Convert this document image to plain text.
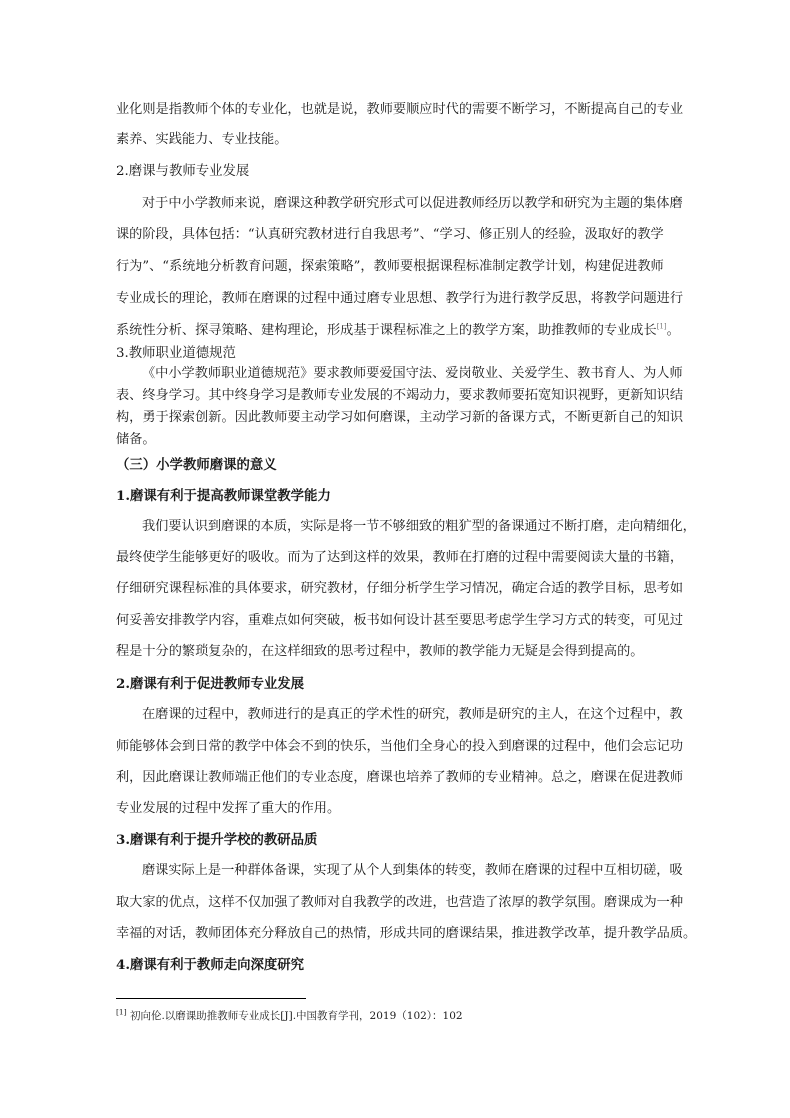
业化则是指教师个体的专业化，也就是说，教师要顺应时代的需要不断学习，不断提高自己的专业
素养、实践能力、专业技能。
2.磨课与教师专业发展
对于中小学教师来说，磨课这种教学研究形式可以促进教师经历以教学和研究为主题的集体磨
课的阶段，具体包括：“认真研究教材进行自我思考”、“学习、修正别人的经验，汲取好的教学
行为”、“系统地分析教育问题，探索策略”，教师要根据课程标准制定教学计划，构建促进教师
专业成长的理论，教师在磨课的过程中通过磨专业思想、教学行为进行教学反思，将教学问题进行
系统性分析、探寻策略、建构理论，形成基于课程标准之上的教学方案，助推教师的专业成长[1]。
3.教师职业道德规范
《中小学教师职业道德规范》要求教师要爱国守法、爱岗敬业、关爱学生、教书育人、为人师
表、终身学习。其中终身学习是教师专业发展的不竭动力，要求教师要拓宽知识视野，更新知识结
构，勇于探索创新。因此教师要主动学习如何磨课，主动学习新的备课方式，不断更新自己的知识
储备。
（三）小学教师磨课的意义
1.磨课有利于提高教师课堂教学能力
我们要认识到磨课的本质，实际是将一节不够细致的粗犷型的备课通过不断打磨，走向精细化，
最终使学生能够更好的吸收。而为了达到这样的效果，教师在打磨的过程中需要阅读大量的书籍，
仔细研究课程标准的具体要求，研究教材，仔细分析学生学习情况，确定合适的教学目标，思考如
何妥善安排教学内容，重难点如何突破，板书如何设计甚至要思考虑学生学习方式的转变，可见过
程是十分的繁琐复杂的，在这样细致的思考过程中，教师的教学能力无疑是会得到提高的。
2.磨课有利于促进教师专业发展
在磨课的过程中，教师进行的是真正的学术性的研究，教师是研究的主人，在这个过程中，教
师能够体会到日常的教学中体会不到的快乐，当他们全身心的投入到磨课的过程中，他们会忘记功
利，因此磨课让教师端正他们的专业态度，磨课也培养了教师的专业精神。总之，磨课在促进教师
专业发展的过程中发挥了重大的作用。
3.磨课有利于提升学校的教研品质
磨课实际上是一种群体备课，实现了从个人到集体的转变，教师在磨课的过程中互相切磋，吸
取大家的优点，这样不仅加强了教师对自我教学的改进，也营造了浓厚的教学氛围。磨课成为一种
幸福的对话，教师团体充分释放自己的热情，形成共同的磨课结果，推进教学改革，提升教学品质。
4.磨课有利于教师走向深度研究
[1] 初向伦.以磨课助推教师专业成长[J].中国教育学刊，2019（102）：102
